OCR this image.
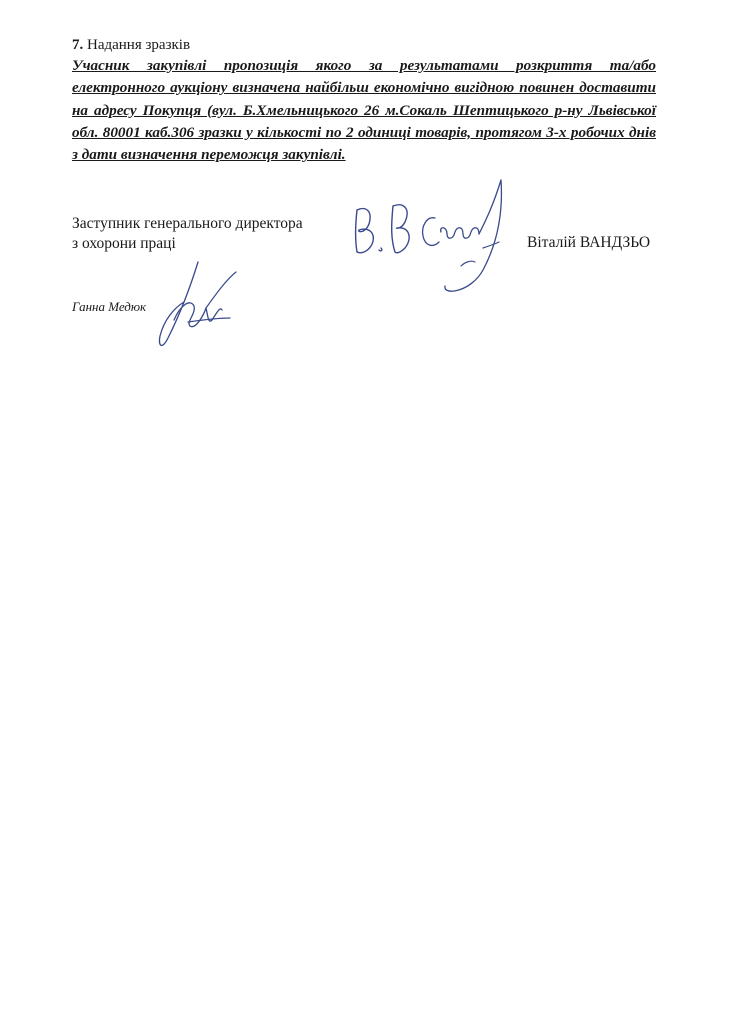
7. Надання зразків
Учасник закупівлі пропозиція якого за результатами розкриття та/або електронного аукціону визначена найбільш економічно вигідною повинен доставити на адресу Покупця (вул. Б.Хмельницького 26 м.Сокаль Шептицького р-ну Львівської обл. 80001 каб.306 зразки у кількості по 2 одиниці товарів, протягом 3-х робочих днів з дати визначення переможця закупівлі.
Заступник генерального директора
з охорони праці	Віталій ВАНДЗЬО
Ганна Медюк
